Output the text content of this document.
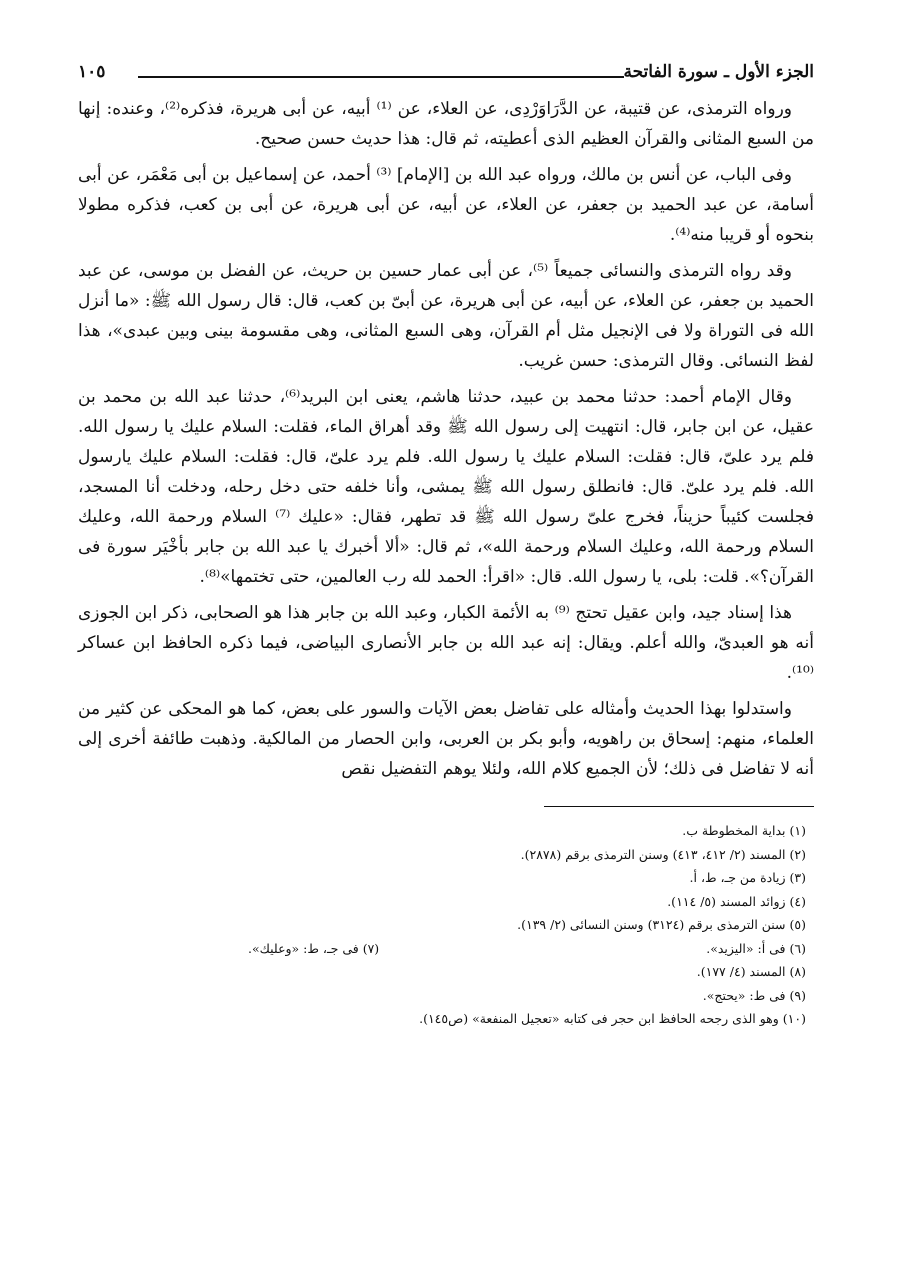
الجزء الأول ـ سورة الفاتحة
١٠٥

ورواه الترمذى، عن قتيبة، عن الدَّرَاوَرْدِى، عن العلاء، عن ⁽¹⁾ أبيه، عن أبى هريرة، فذكره⁽²⁾، وعنده: إنها من السبع المثانى والقرآن العظيم الذى أعطيته، ثم قال: هذا حديث حسن صحيح.

وفى الباب، عن أنس بن مالك، ورواه عبد الله بن [الإمام] ⁽³⁾ أحمد، عن إسماعيل بن أبى مَعْمَر، عن أبى أسامة، عن عبد الحميد بن جعفر، عن العلاء، عن أبيه، عن أبى هريرة، عن أبى بن كعب، فذكره مطولا بنحوه أو قريبا منه⁽⁴⁾.

وقد رواه الترمذى والنسائى جميعاً ⁽⁵⁾، عن أبى عمار حسين بن حريث، عن الفضل بن موسى، عن عبد الحميد بن جعفر، عن العلاء، عن أبيه، عن أبى هريرة، عن أبىّ بن كعب، قال: قال رسول الله ﷺ: «ما أنزل الله فى التوراة ولا فى الإنجيل مثل أم القرآن، وهى السبع المثانى، وهى مقسومة بينى وبين عبدى»، هذا لفظ النسائى. وقال الترمذى: حسن غريب.

وقال الإمام أحمد: حدثنا محمد بن عبيد، حدثنا هاشم، يعنى ابن البريد⁽⁶⁾، حدثنا عبد الله بن محمد بن عقيل، عن ابن جابر، قال: انتهيت إلى رسول الله ﷺ وقد أهراق الماء، فقلت: السلام عليك يا رسول الله. فلم يرد علىّ، قال: فقلت: السلام عليك يا رسول الله. فلم يرد علىّ، قال: فقلت: السلام عليك يارسول الله. فلم يرد علىّ. قال: فانطلق رسول الله ﷺ يمشى، وأنا خلفه حتى دخل رحله، ودخلت أنا المسجد، فجلست كئيباً حزيناً، فخرج علىّ رسول الله ﷺ قد تطهر، فقال: «عليك ⁽⁷⁾ السلام ورحمة الله، وعليك السلام ورحمة الله، وعليك السلام ورحمة الله»، ثم قال: «ألا أخبرك يا عبد الله بن جابر بأخْيَر سورة فى القرآن؟». قلت: بلى، يا رسول الله. قال: «اقرأ: الحمد لله رب العالمين، حتى تختمها»⁽⁸⁾.

هذا إسناد جيد، وابن عقيل تحتج ⁽⁹⁾ به الأئمة الكبار، وعبد الله بن جابر هذا هو الصحابى، ذكر ابن الجوزى أنه هو العبدىّ، والله أعلم. ويقال: إنه عبد الله بن جابر الأنصارى البياضى، فيما ذكره الحافظ ابن عساكر ⁽¹⁰⁾.

واستدلوا بهذا الحديث وأمثاله على تفاضل بعض الآيات والسور على بعض، كما هو المحكى عن كثير من العلماء، منهم: إسحاق بن راهويه، وأبو بكر بن العربى، وابن الحصار من المالكية. وذهبت طائفة أخرى إلى أنه لا تفاضل فى ذلك؛ لأن الجميع كلام الله، ولئلا يوهم التفضيل نقص

(١) بداية المخطوطة ب.
(٢) المسند (٢/ ٤١٢، ٤١٣) وسنن الترمذى برقم (٢٨٧٨).
(٣) زيادة من جـ، ط، أ.
(٤) زوائد المسند (٥/ ١١٤).
(٥) سنن الترمذى برقم (٣١٢٤) وسنن النسائى (٢/ ١٣٩).
(٦) فى أ: «اليزيد».
(٧) فى جـ، ط: «وعليك».
(٨) المسند (٤/ ١٧٧).
(٩) فى ط: «يحتج».
(١٠) وهو الذى رجحه الحافظ ابن حجر فى كتابه «تعجيل المنفعة» (ص١٤٥).
